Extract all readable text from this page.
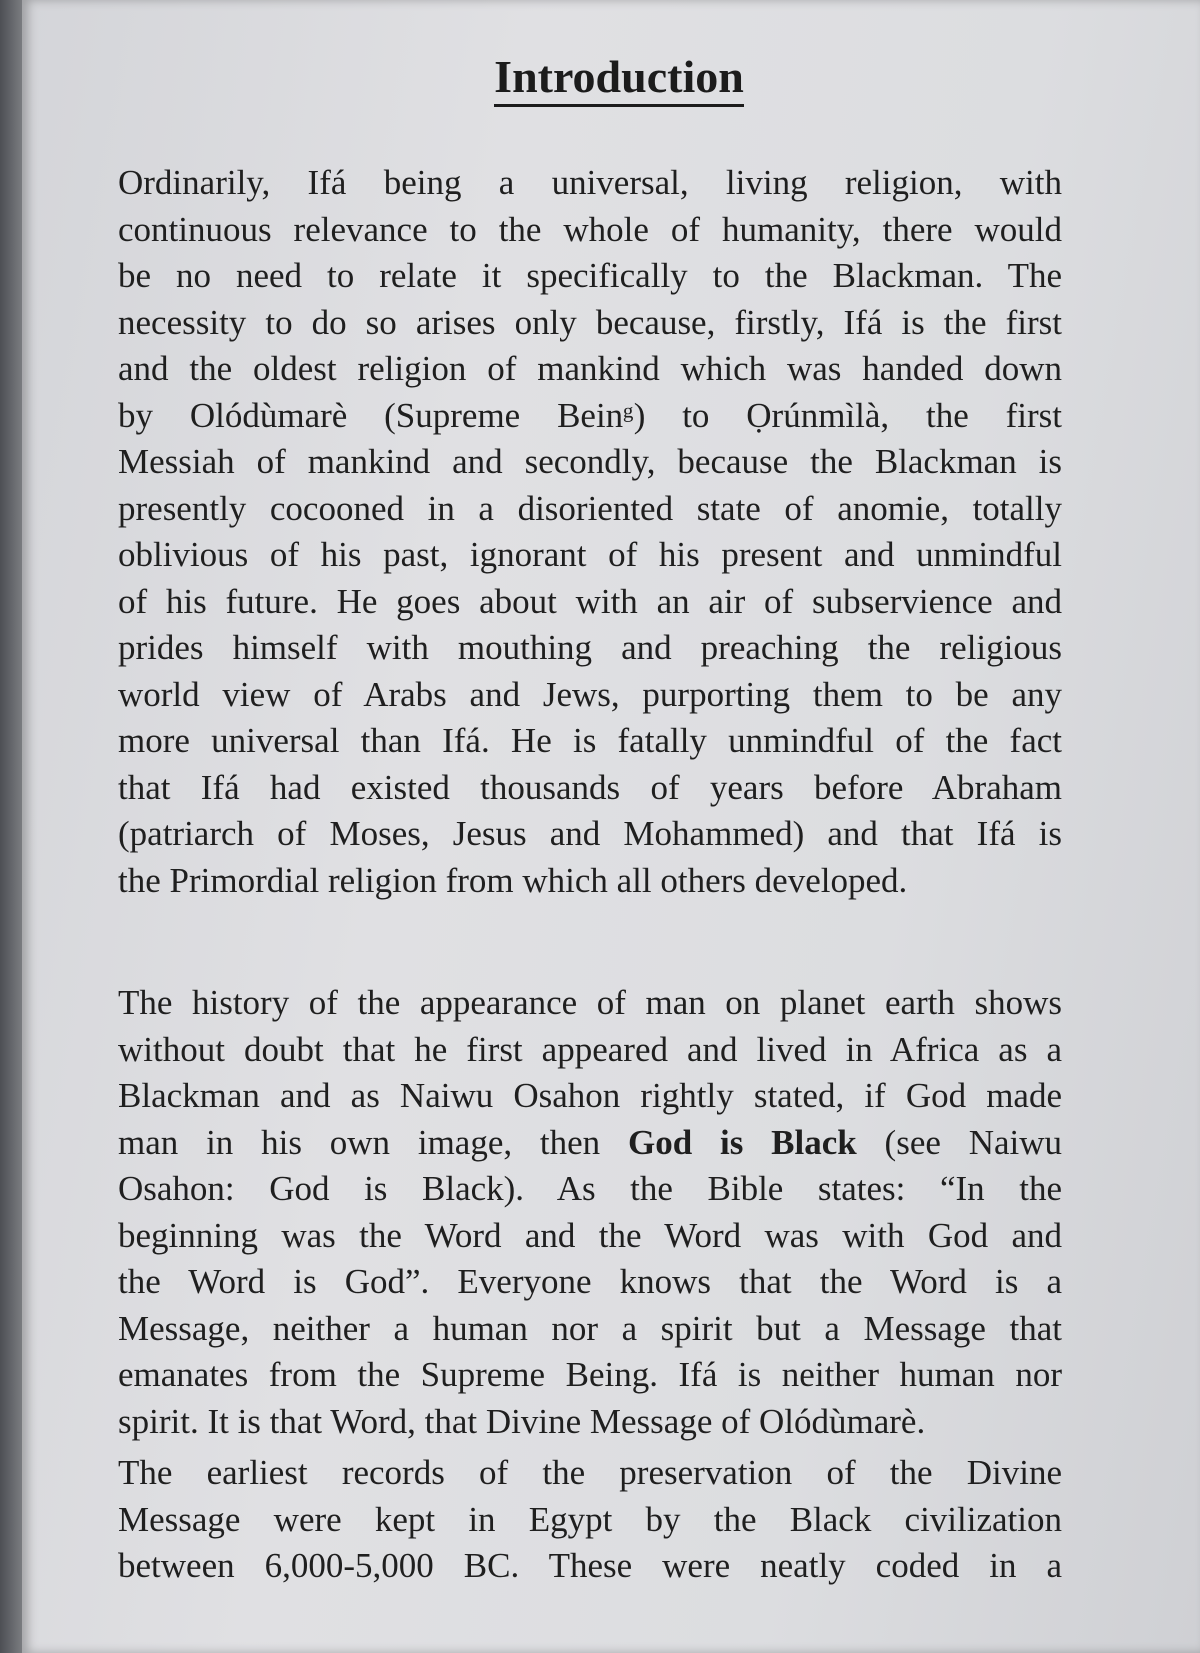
Introduction

Ordinarily, Ifá being a universal, living religion, with
continuous relevance to the whole of humanity, there would
be no need to relate it specifically to the Blackman. The
necessity to do so arises only because, firstly, Ifá is the first
and the oldest religion of mankind which was handed down
by Olódùmarè (Supreme Beinᵍ) to Ọrúnmìlà, the first
Messiah of mankind and secondly, because the Blackman is
presently cocooned in a disoriented state of anomie, totally
oblivious of his past, ignorant of his present and unmindful
of his future. He goes about with an air of subservience and
prides himself with mouthing and preaching the religious
world view of Arabs and Jews, purporting them to be any
more universal than Ifá. He is fatally unmindful of the fact
that Ifá had existed thousands of years before Abraham
(patriarch of Moses, Jesus and Mohammed) and that Ifá is
the Primordial religion from which all others developed.

The history of the appearance of man on planet earth shows
without doubt that he first appeared and lived in Africa as a
Blackman and as Naiwu Osahon rightly stated, if God made
man in his own image, then God is Black (see Naiwu
Osahon: God is Black). As the Bible states: “In the
beginning was the Word and the Word was with God and
the Word is God”. Everyone knows that the Word is a
Message, neither a human nor a spirit but a Message that
emanates from the Supreme Being. Ifá is neither human nor
spirit. It is that Word, that Divine Message of Olódùmarè.

The earliest records of the preservation of the Divine
Message were kept in Egypt by the Black civilization
between 6,000-5,000 BC. These were neatly coded in a
